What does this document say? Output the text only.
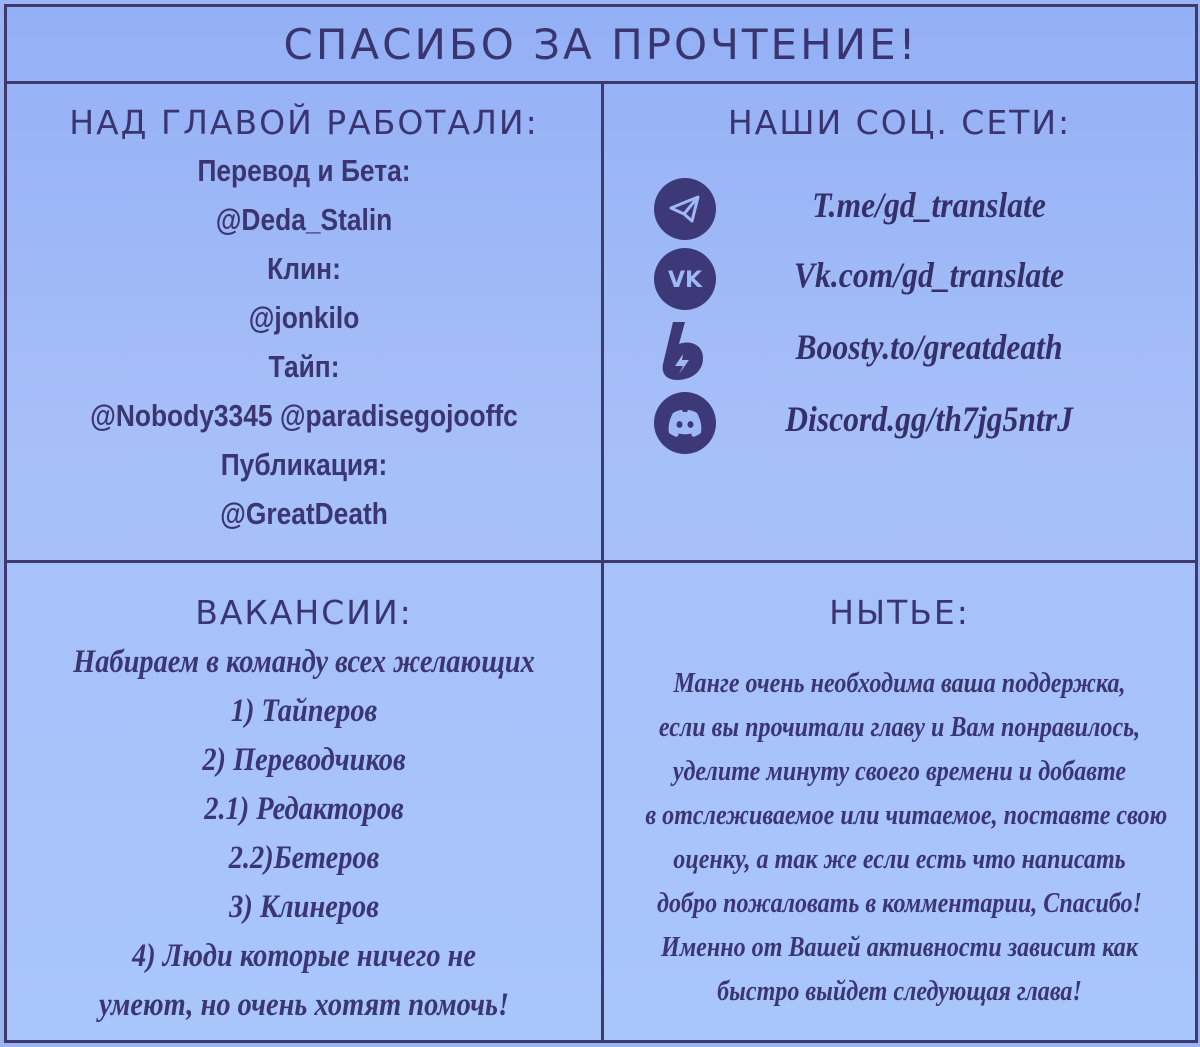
СПАСИБО ЗА ПРОЧТЕНИЕ!
НАД ГЛАВОЙ РАБОТАЛИ:
Перевод и Бета:
@Deda_Stalin
Клин:
@jonkilo
Тайп:
@Nobody3345 @paradisegojooffc
Публикация:
@GreatDeath
НАШИ СОЦ. СЕТИ:
T.me/gd_translate
VK	Vk.com/gd_translate
Boosty.to/greatdeath
Discord.gg/th7jg5ntrJ
ВАКАНСИИ:
Набираем в команду всех желающих
1) Тайперов
2) Переводчиков
2.1) Редакторов
2.2)Бетеров
3) Клинеров
4) Люди которые ничего не
умеют, но очень хотят помочь!
НЫТЬЕ:
Манге очень необходима ваша поддержка,
если вы прочитали главу и Вам понравилось,
уделите минуту своего времени и добавте
в отслеживаемое или читаемое, поставте свою
оценку, а так же если есть что написать
добро пожаловать в комментарии, Спасибо!
Именно от Вашей активности зависит как
быстро выйдет следующая глава!
